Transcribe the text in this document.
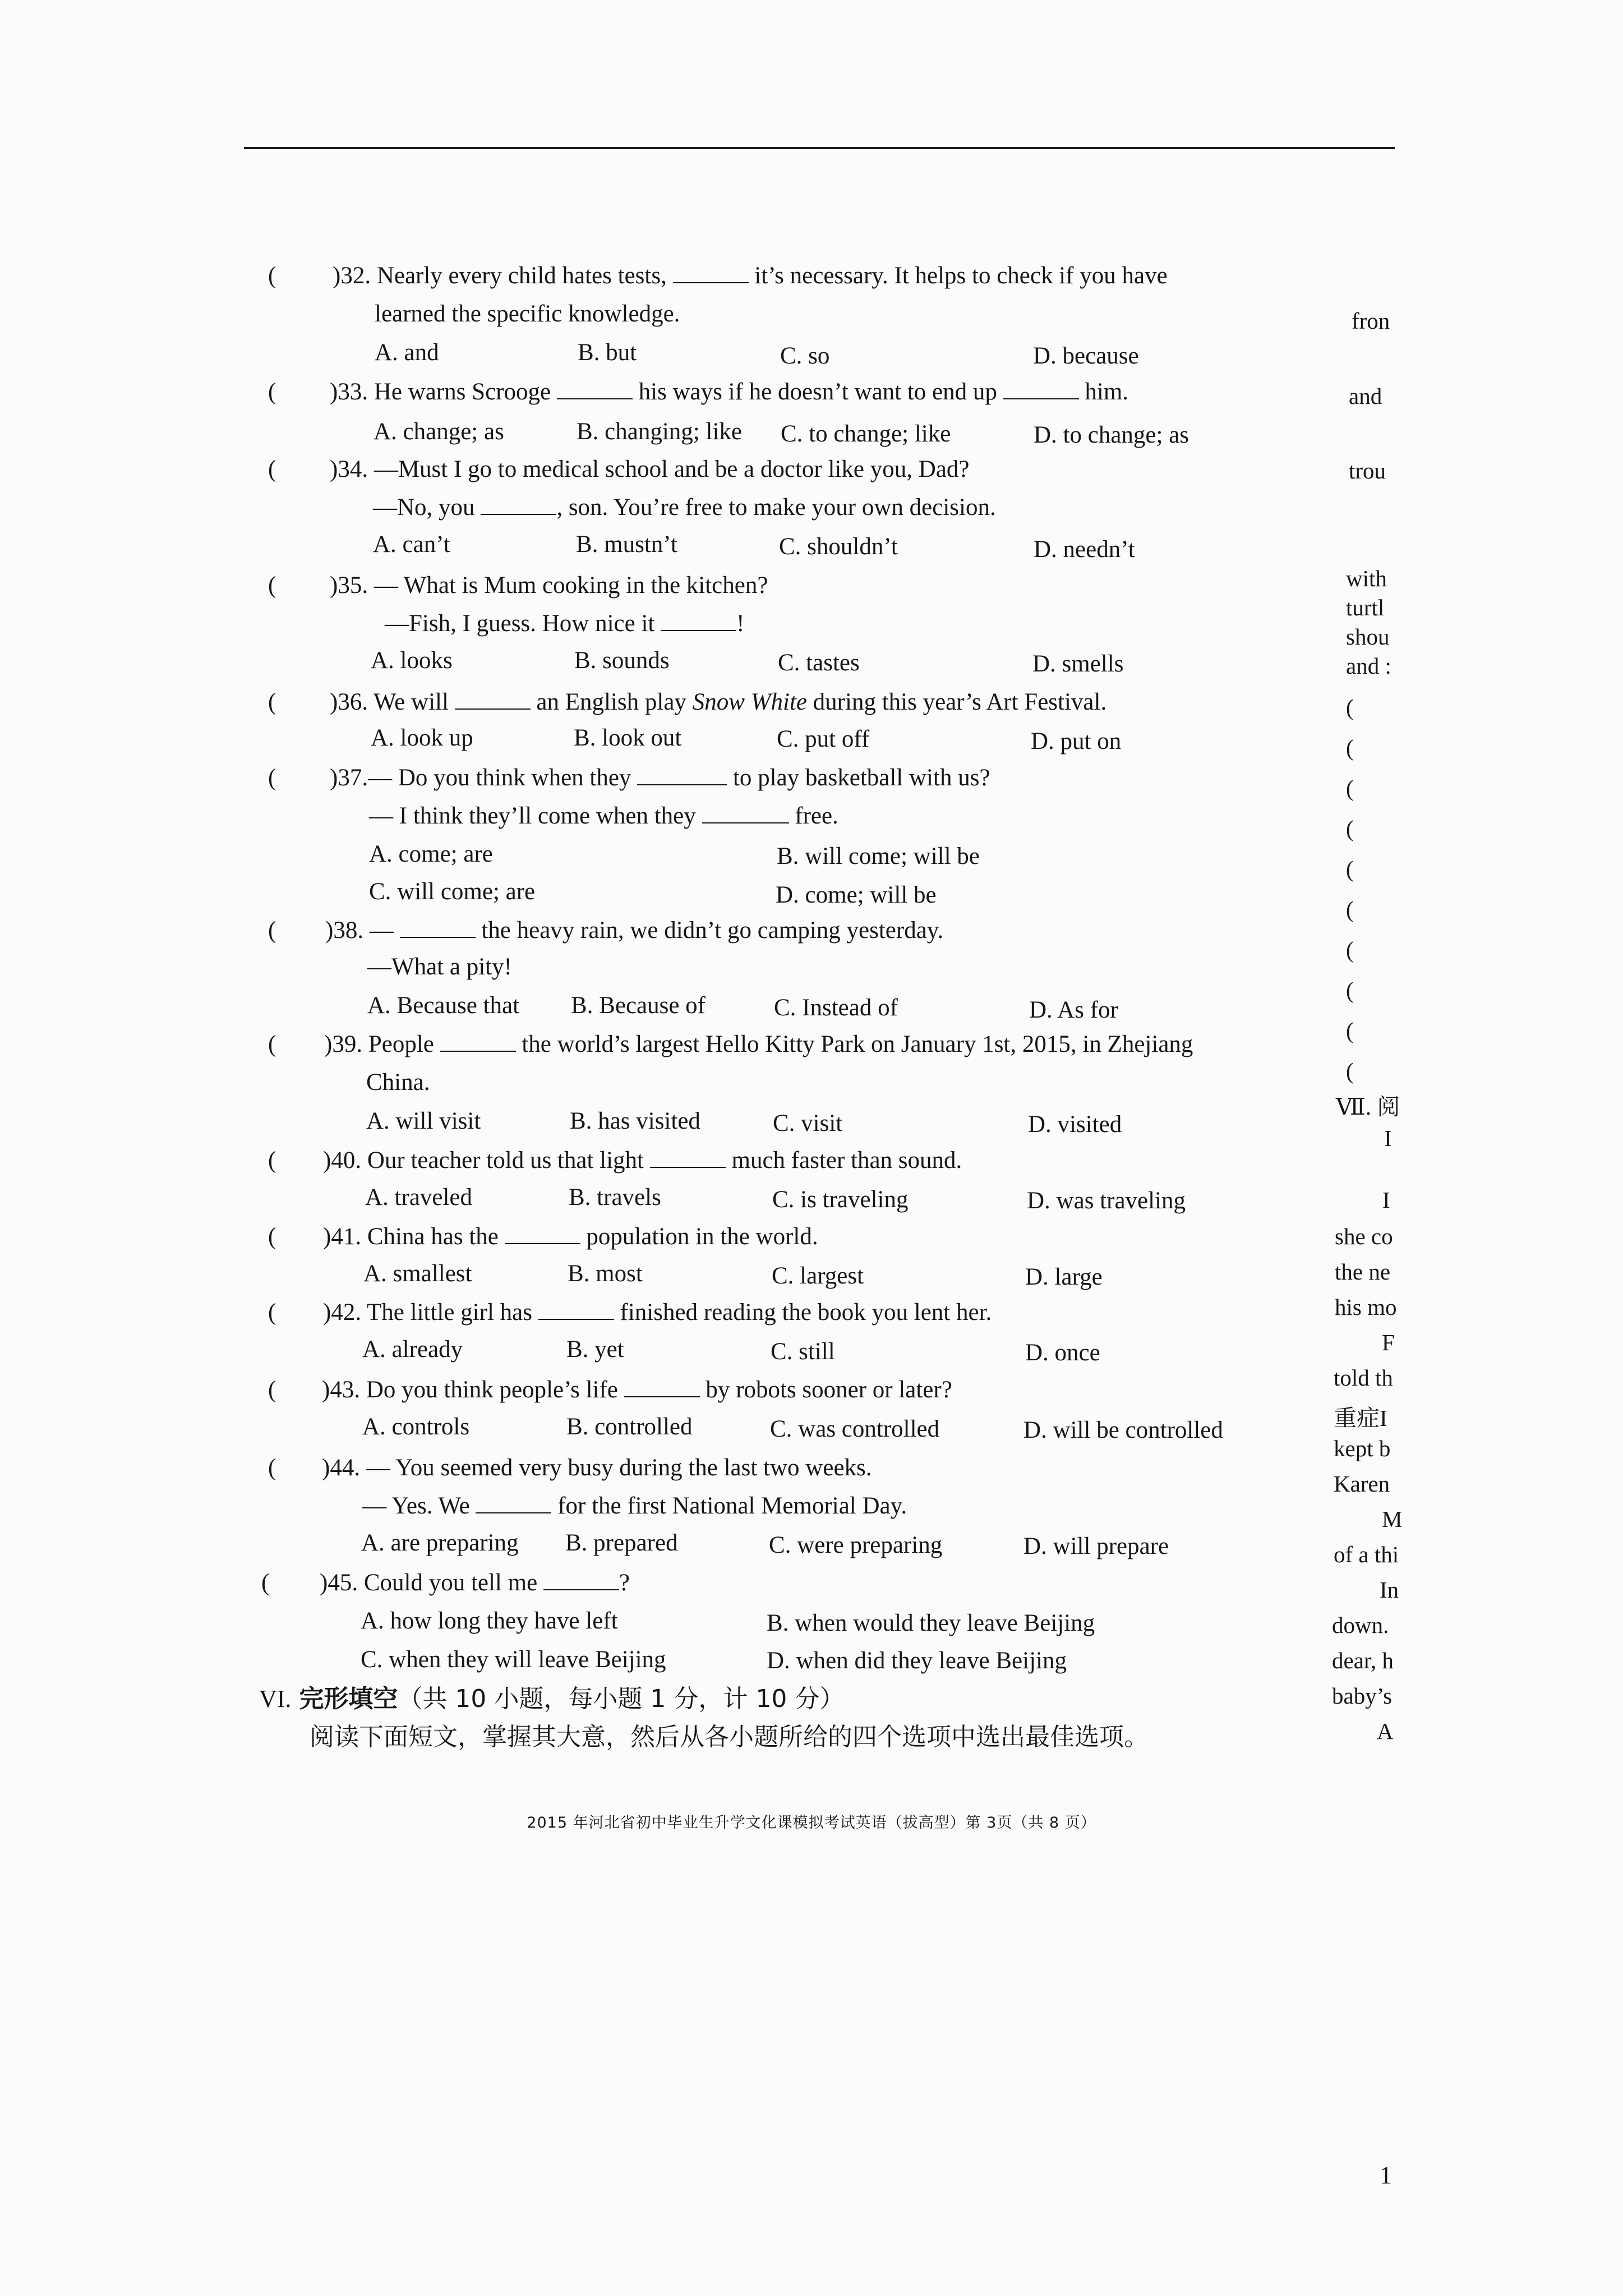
( )32. Nearly every child hates tests,	it’s necessary. It helps to check if you have
learned the specific knowledge.
A. and	B. but	C. so	D. because
( )33. He warns Scrooge	his ways if he doesn’t want to end up	him.
A. change; as	B. changing; like C. to change; like	D. to change; as
( )34. —Must I go to medical school and be a doctor like you, Dad?
—No, you	, son. You’re free to make your own decision.
A. can’t	B. mustn’t	C. shouldn’t	D. needn’t
( )35. — What is Mum cooking in the kitchen?
—Fish, I guess. How nice it	!
A. looks	B. sounds	C. tastes	D. smells
( )36. We will	an English play Snow White during this year’s Art Festival.
A. look up	B. look out	C. put off	D. put on
( )37.— Do you think when they	to play basketball with us?
— I think they’ll come when they	free.
A. come; are	B. will come; will be
C. will come; are	D. come; will be
( )38. —	the heavy rain, we didn’t go camping yesterday.
—What a pity!
A. Because that B. Because of	C. Instead of	D. As for
( )39. People	the world’s largest Hello Kitty Park on January 1st, 2015, in Zhejiang
China.
A. will visit	B. has visited	C. visit	D. visited
( )40. Our teacher told us that light	much faster than sound.
A. traveled	B. travels	C. is traveling	D. was traveling
( )41. China has the	population in the world.
A. smallest	B. most	C. largest	D. large
( )42. The little girl has	finished reading the book you lent her.
A. already	B. yet	C. still	D. once
( )43. Do you think people’s life	by robots sooner or later?
A. controls	B. controlled	C. was controlled	D. will be controlled
( )44. — You seemed very busy during the last two weeks.
— Yes. We	for the first National Memorial Day.
A. are preparing B. prepared	C. were preparing	D. will prepare
( )45. Could you tell me	?
A. how long they have left	B. when would they leave Beijing
C. when they will leave Beijing	D. when did they leave Beijing
VI. 完形填空（共 10 小题，每小题 1 分，计 10 分）
阅读下面短文，掌握其大意，然后从各小题所给的四个选项中选出最佳选项。
2015 年河北省初中毕业生升学文化课模拟考试英语（拔高型）第 3页（共 8 页）
1
fron
and
trou
with
turtl
shou
and :
(
(
(
(
(
(
(
(
(
(
Ⅶ. 阅
I
I
she co
the ne
his mo
F
told th
重症I
kept b
Karen
M
of a thi
In
down.
dear, h
baby’s
A
